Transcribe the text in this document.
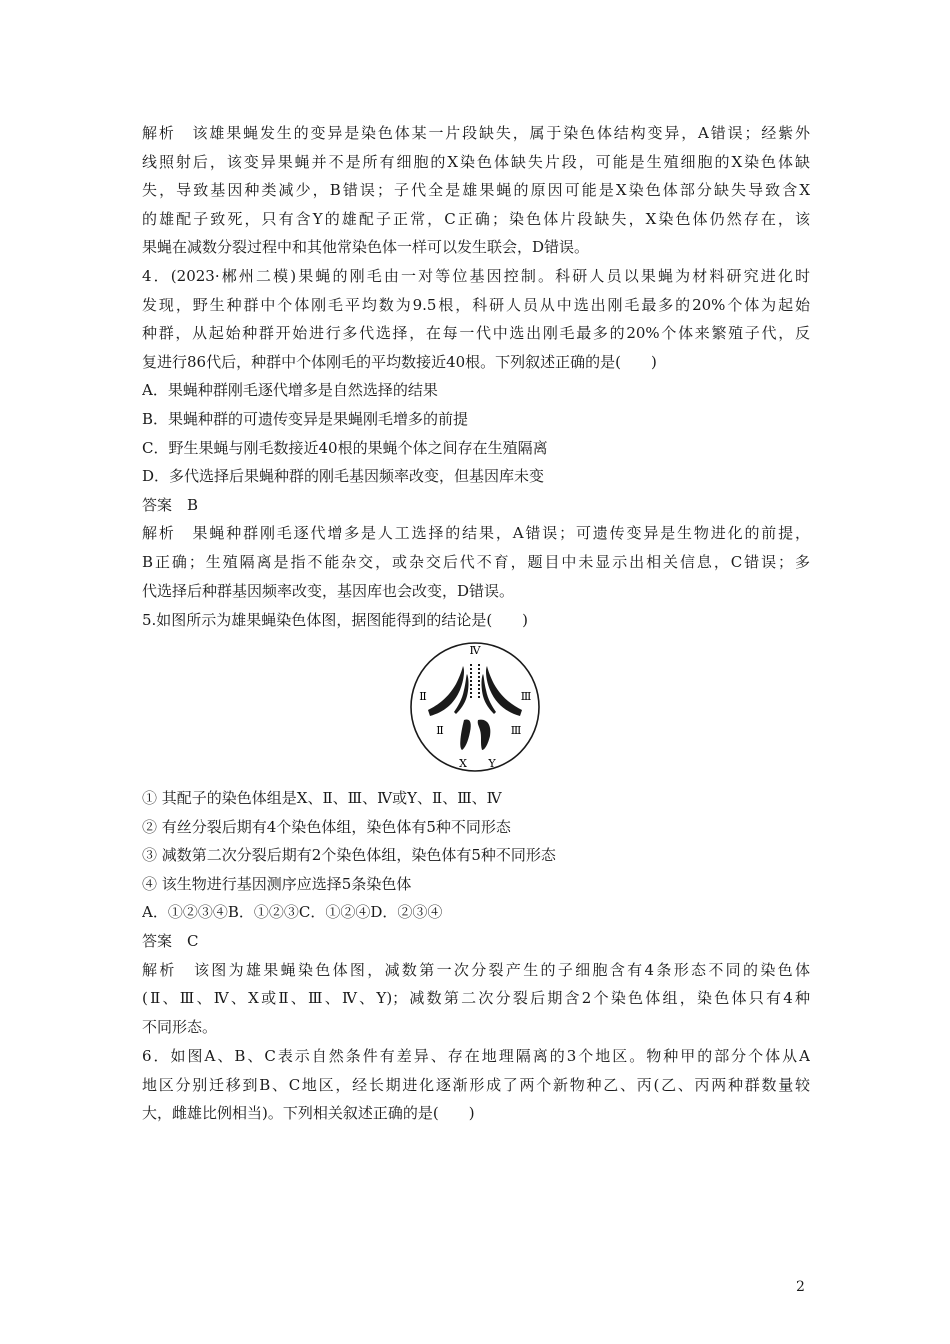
解析　该雄果蝇发生的变异是染色体某一片段缺失，属于染色体结构变异，A错误；经紫外
线照射后，该变异果蝇并不是所有细胞的X染色体缺失片段，可能是生殖细胞的X染色体缺
失，导致基因种类减少，B错误；子代全是雄果蝇的原因可能是X染色体部分缺失导致含X
的雄配子致死，只有含Y的雄配子正常，C正确；染色体片段缺失，X染色体仍然存在，该
果蝇在减数分裂过程中和其他常染色体一样可以发生联会，D错误。
4．(2023·郴州二模)果蝇的刚毛由一对等位基因控制。科研人员以果蝇为材料研究进化时
发现，野生种群中个体刚毛平均数为9.5根，科研人员从中选出刚毛最多的20%个体为起始
种群，从起始种群开始进行多代选择，在每一代中选出刚毛最多的20%个体来繁殖子代，反
复进行86代后，种群中个体刚毛的平均数接近40根。下列叙述正确的是(　　)
A．果蝇种群刚毛逐代增多是自然选择的结果
B．果蝇种群的可遗传变异是果蝇刚毛增多的前提
C．野生果蝇与刚毛数接近40根的果蝇个体之间存在生殖隔离
D．多代选择后果蝇种群的刚毛基因频率改变，但基因库未变
答案　B
解析　果蝇种群刚毛逐代增多是人工选择的结果，A错误；可遗传变异是生物进化的前提，
B正确；生殖隔离是指不能杂交，或杂交后代不育，题目中未显示出相关信息，C错误；多
代选择后种群基因频率改变，基因库也会改变，D错误。
5.如图所示为雄果蝇染色体图，据图能得到的结论是(　　)
Ⅳ
Ⅱ	Ⅲ
Ⅱ	Ⅲ
X Y
① 其配子的染色体组是X、Ⅱ、Ⅲ、Ⅳ或Y、Ⅱ、Ⅲ、Ⅳ
② 有丝分裂后期有4个染色体组，染色体有5种不同形态
③ 减数第二次分裂后期有2个染色体组，染色体有5种不同形态
④ 该生物进行基因测序应选择5条染色体
A．①②③④B．①②③C．①②④D．②③④
答案　C
解析　该图为雄果蝇染色体图，减数第一次分裂产生的子细胞含有4条形态不同的染色体
(Ⅱ、Ⅲ、Ⅳ、X或Ⅱ、Ⅲ、Ⅳ、Y)；减数第二次分裂后期含2个染色体组，染色体只有4种
不同形态。
6．如图A、B、C表示自然条件有差异、存在地理隔离的3个地区。物种甲的部分个体从A
地区分别迁移到B、C地区，经长期进化逐渐形成了两个新物种乙、丙(乙、丙两种群数量较
大，雌雄比例相当)。下列相关叙述正确的是(　　)
2
